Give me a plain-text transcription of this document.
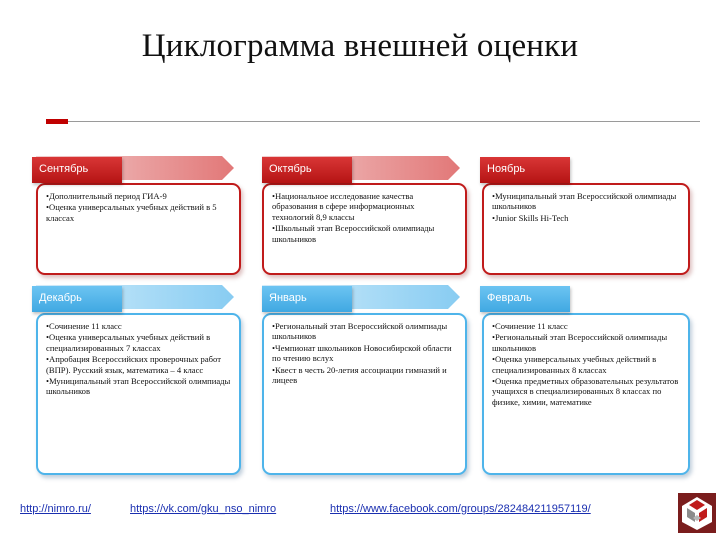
Циклограмма внешней оценки
•Дополнительный период ГИА-9
•Оценка универсальных учебных действий в 5 классах
Сентябрь
•Национальное исследование качества образования в сфере информационных технологий 8,9 классы
•Школьный этап Всероссийской олимпиады школьников
Октябрь
•Муниципальный этап Всероссийской олимпиады школьников
•Junior Skills Hi-Tech
Ноябрь
•Сочинение 11 класс
•Оценка универсальных учебных действий в специализированных 7 классах
•Апробация Всероссийских проверочных работ (ВПР). Русский язык, математика – 4 класс
•Муниципальный этап Всероссийской олимпиады школьников
Декабрь
•Региональный этап Всероссийской олимпиады школьников
•Чемпионат школьников Новосибирской области по чтению вслух
•Квест в честь 20-летия ассоциации гимназий и лицеев
Январь
•Сочинение 11 класс
•Региональный этап Всероссийской олимпиады школьников
•Оценка универсальных учебных действий в специализированных 8 классах
•Оценка предметных образовательных результатов учащихся в специализированных 8 классах по физике, химии, математике
Февраль
http://nimro.ru/	https://vk.com/gku_nso_nimro	https://www.facebook.com/groups/282484211957119/
